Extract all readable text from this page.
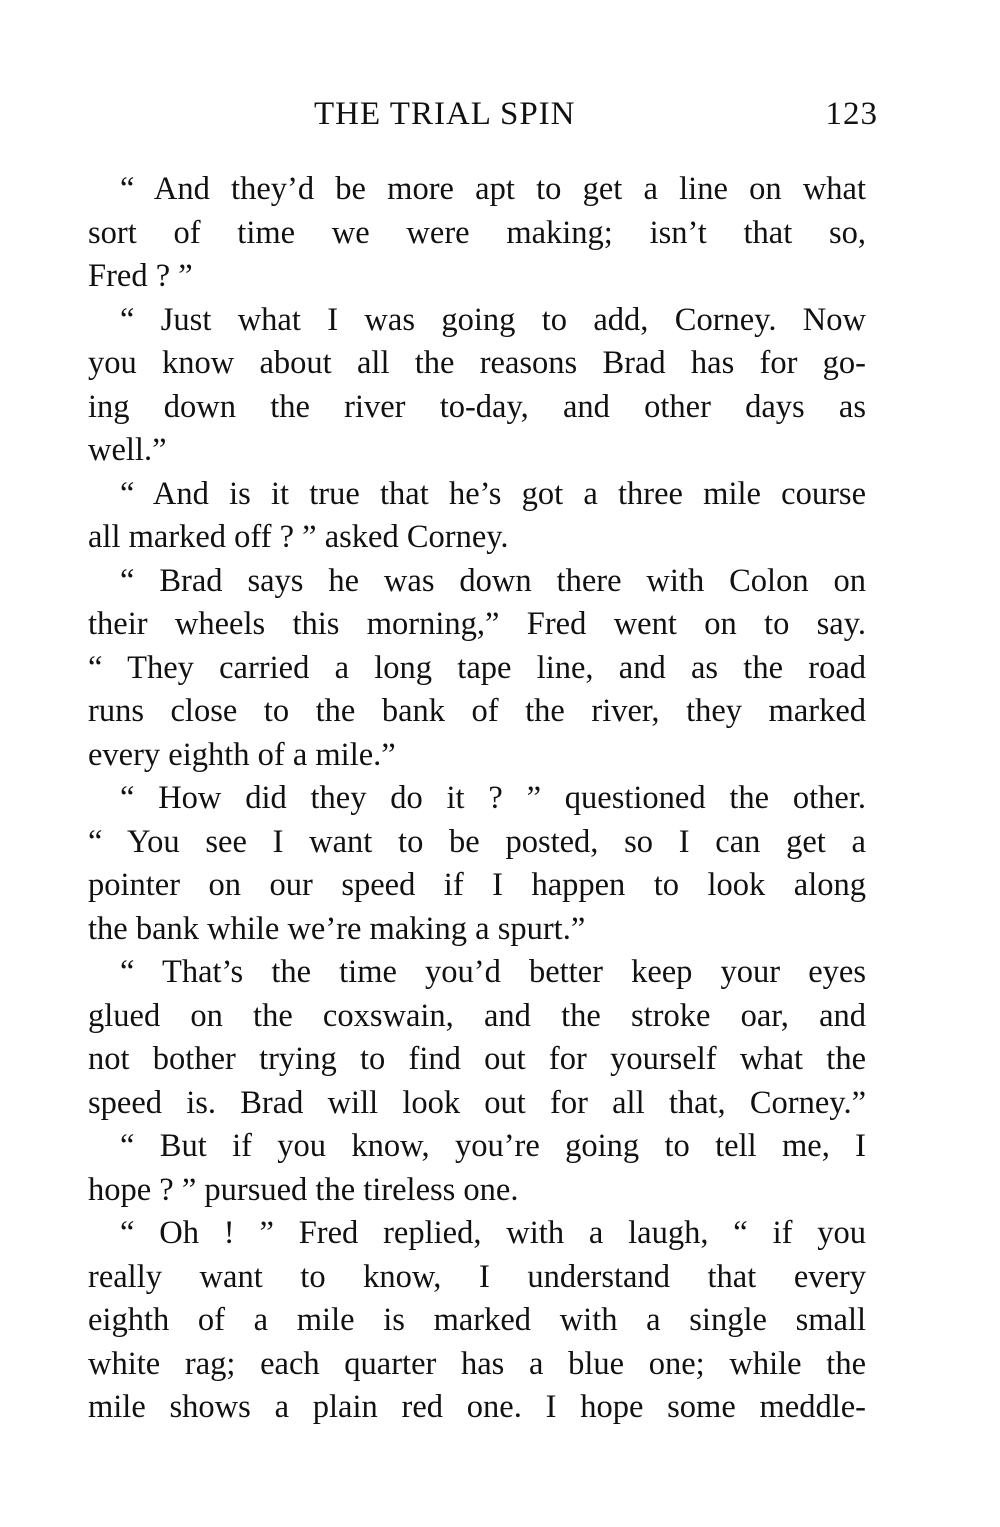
THE TRIAL SPIN	123
“ And they’d be more apt to get a line on what
sort of time we were making; isn’t that so,
Fred ? ”
“ Just what I was going to add, Corney. Now
you know about all the reasons Brad has for go-
ing down the river to-day, and other days as
well.”
“ And is it true that he’s got a three mile course
all marked off ? ” asked Corney.
“ Brad says he was down there with Colon on
their wheels this morning,” Fred went on to say.
“ They carried a long tape line, and as the road
runs close to the bank of the river, they marked
every eighth of a mile.”
“ How did they do it ? ” questioned the other.
“ You see I want to be posted, so I can get a
pointer on our speed if I happen to look along
the bank while we’re making a spurt.”
“ That’s the time you’d better keep your eyes
glued on the coxswain, and the stroke oar, and
not bother trying to find out for yourself what the
speed is. Brad will look out for all that, Corney.”
“ But if you know, you’re going to tell me, I
hope ? ” pursued the tireless one.
“ Oh ! ” Fred replied, with a laugh, “ if you
really want to know, I understand that every
eighth of a mile is marked with a single small
white rag; each quarter has a blue one; while the
mile shows a plain red one. I hope some meddle-
